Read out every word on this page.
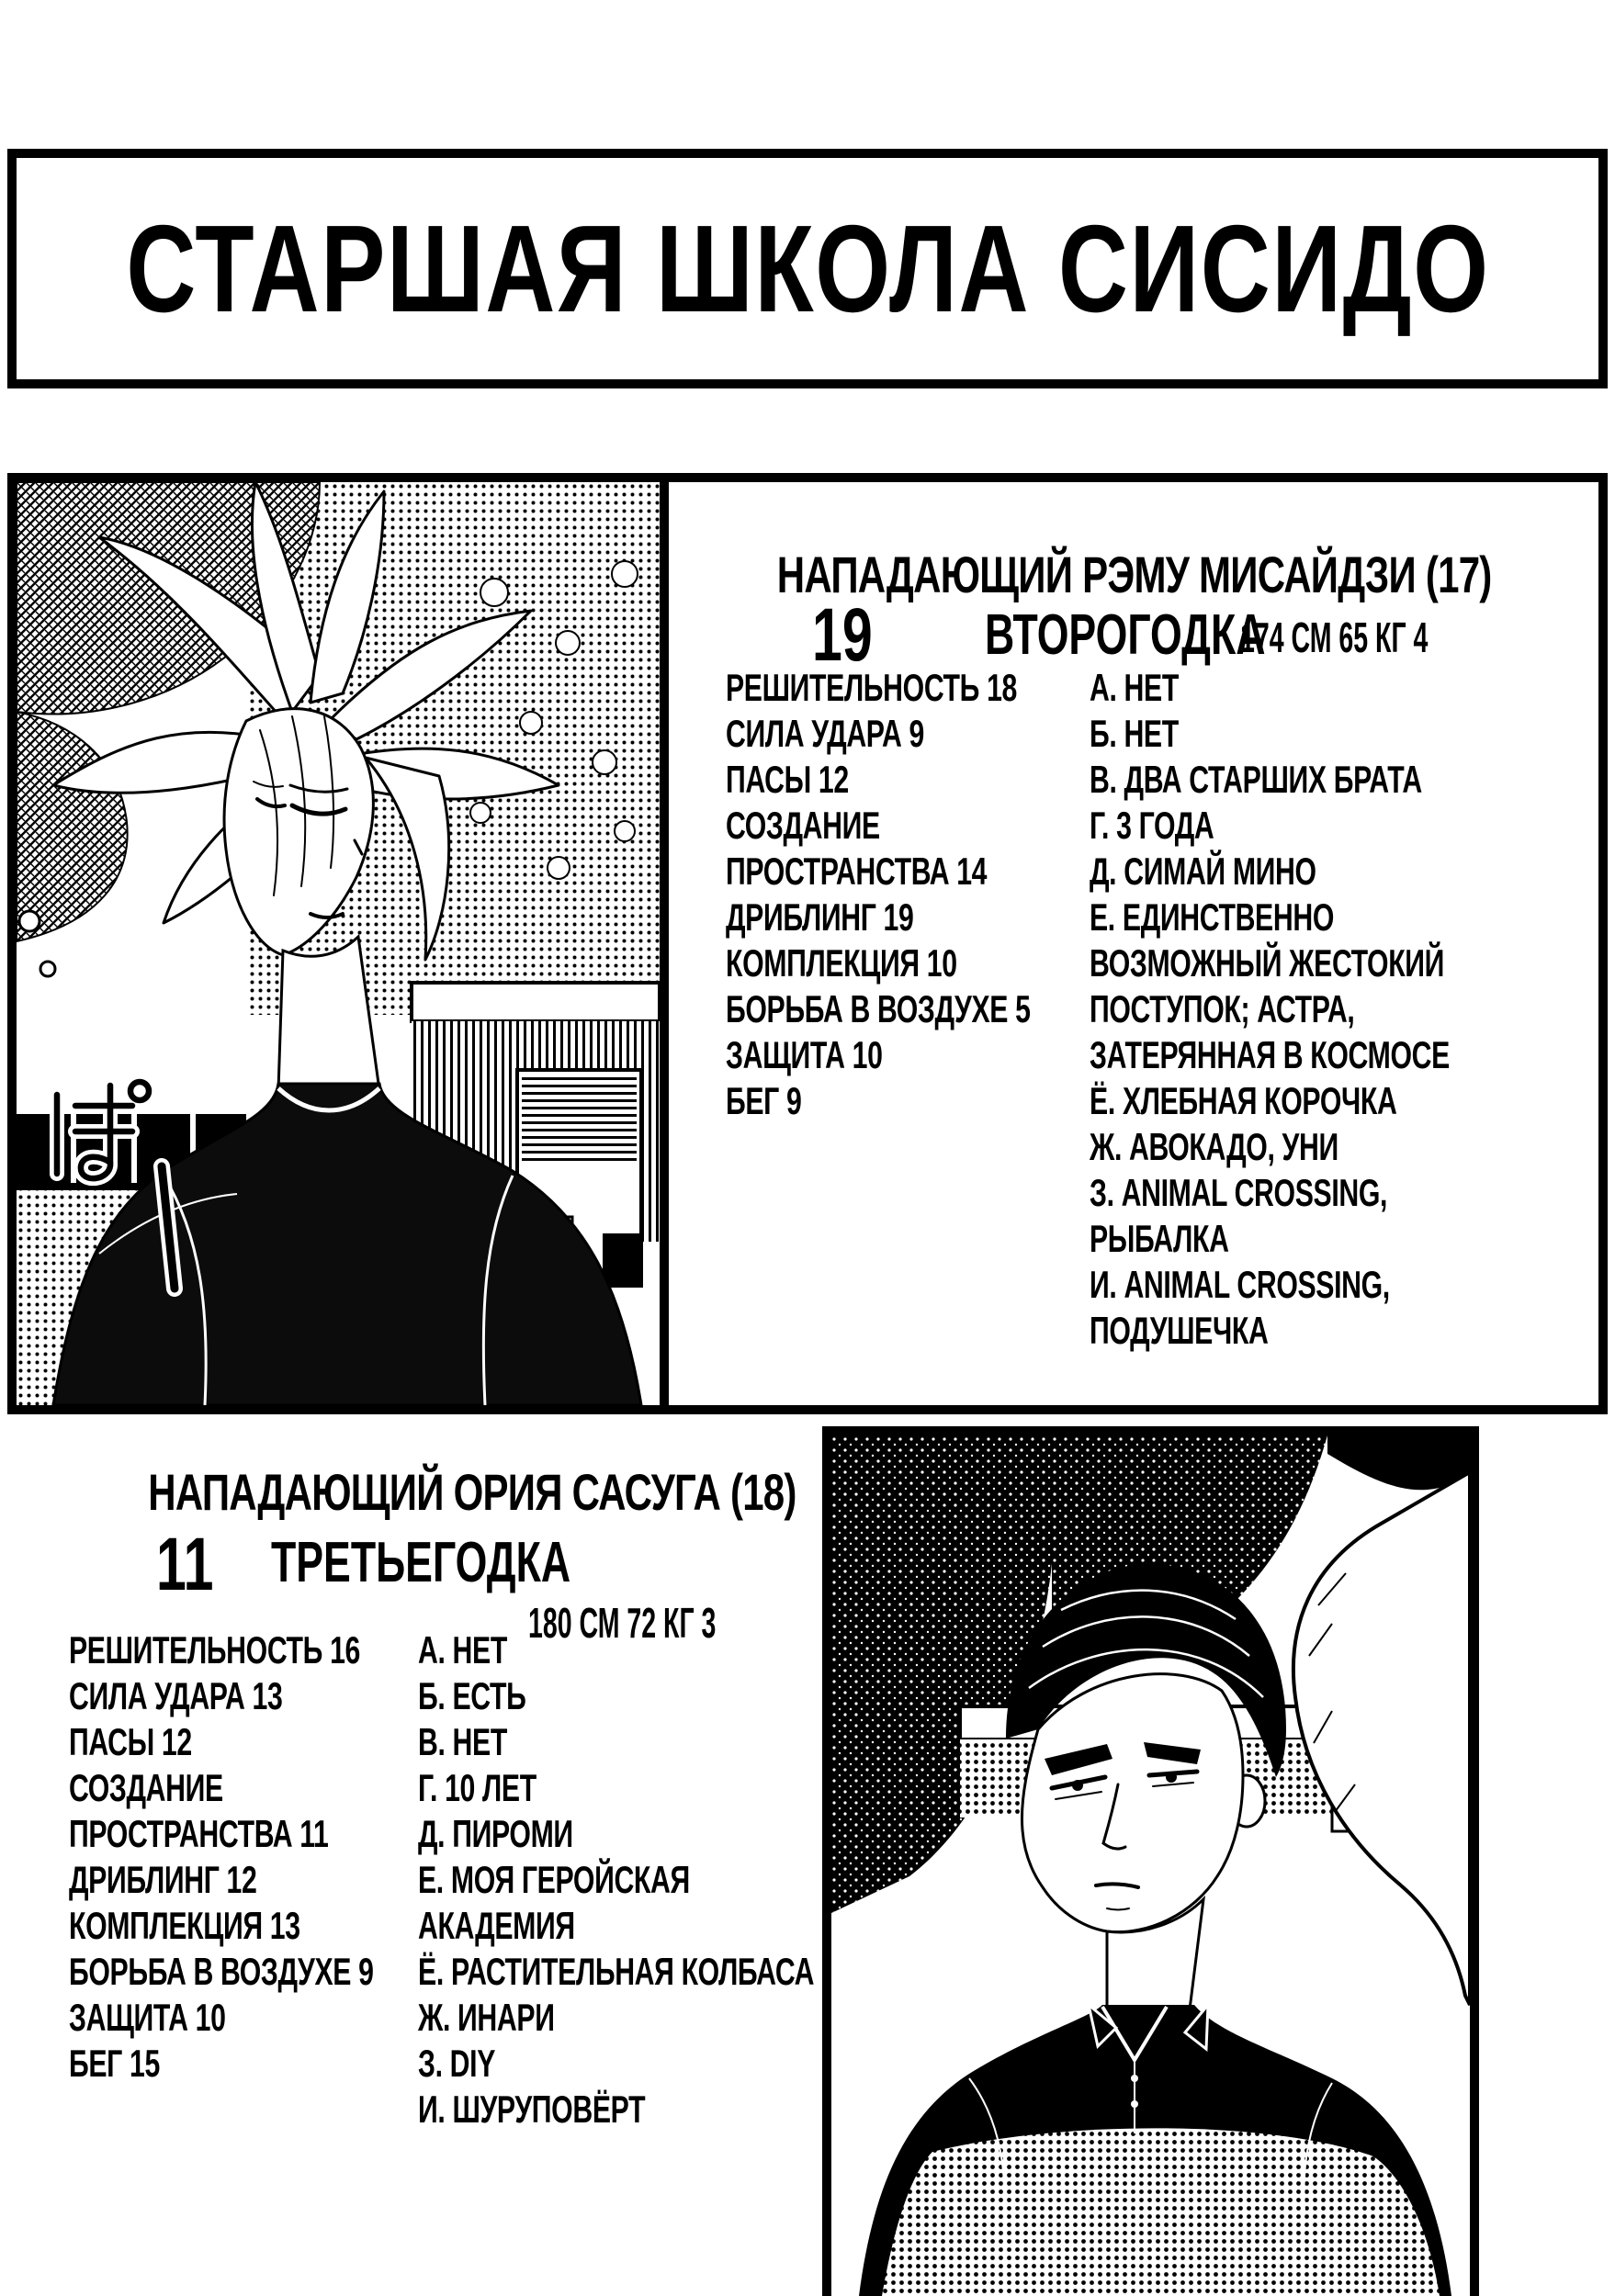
СТАРШАЯ ШКОЛА СИСИДО
НАПАДАЮЩИЙ РЭМУ МИСАЙДЗИ (17)
19 ВТОРОГОДКА
174 СМ 65 КГ 4
РЕШИТЕЛЬНОСТЬ 18
СИЛА УДАРА 9
ПАСЫ 12
СОЗДАНИЕ
ПРОСТРАНСТВА 14
ДРИБЛИНГ 19
КОМПЛЕКЦИЯ 10
БОРЬБА В ВОЗДУХЕ 5
ЗАЩИТА 10
БЕГ 9
А. НЕТ
Б. НЕТ
В. ДВА СТАРШИХ БРАТА
Г. 3 ГОДА
Д. СИМАЙ МИНО
Е. ЕДИНСТВЕННО
ВОЗМОЖНЫЙ ЖЕСТОКИЙ
ПОСТУПОК; АСТРА,
ЗАТЕРЯННАЯ В КОСМОСЕ
Ё. ХЛЕБНАЯ КОРОЧКА
Ж. АВОКАДО, УНИ
З. ANIMAL CROSSING,
РЫБАЛКА
И. ANIMAL CROSSING,
ПОДУШЕЧКА
НАПАДАЮЩИЙ ОРИЯ САСУГА (18)
11 ТРЕТЬЕГОДКА
180 СМ 72 КГ 3
РЕШИТЕЛЬНОСТЬ 16
СИЛА УДАРА 13
ПАСЫ 12
СОЗДАНИЕ
ПРОСТРАНСТВА 11
ДРИБЛИНГ 12
КОМПЛЕКЦИЯ 13
БОРЬБА В ВОЗДУХЕ 9
ЗАЩИТА 10
БЕГ 15
А. НЕТ
Б. ЕСТЬ
В. НЕТ
Г. 10 ЛЕТ
Д. ПИРОМИ
Е. МОЯ ГЕРОЙСКАЯ
АКАДЕМИЯ
Ё. РАСТИТЕЛЬНАЯ КОЛБАСА
Ж. ИНАРИ
З. DIY
И. ШУРУПОВЁРТ
